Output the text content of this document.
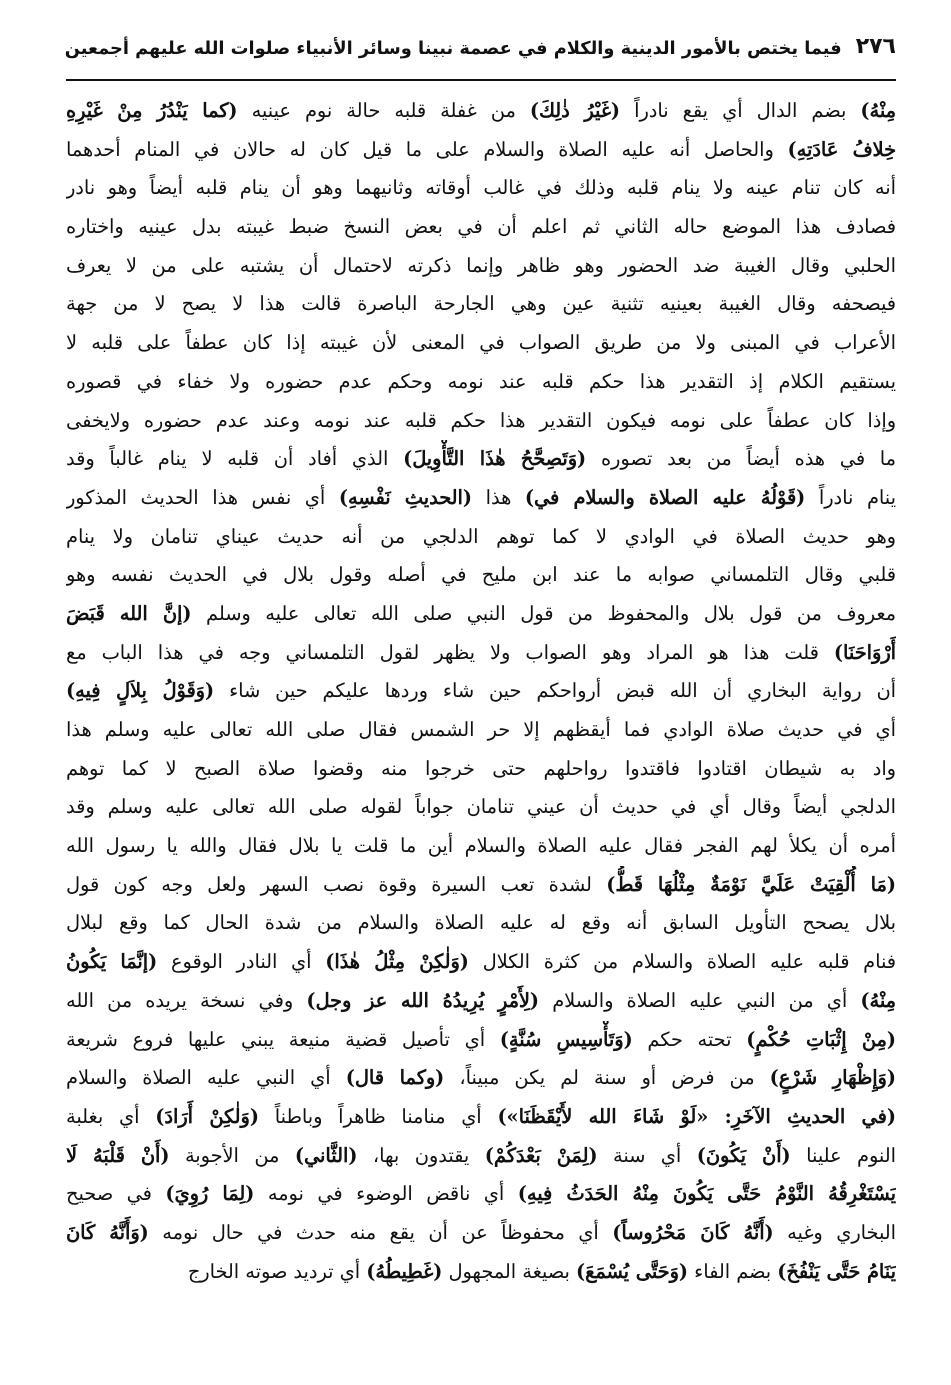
٢٧٦
فيما يختص بالأمور الدينية والكلام في عصمة نبينا وسائر الأنبياء صلوات الله عليهم أجمعين
مِنْهُ) بضم الدال أي يقع نادراً (غَيْرُ ذٰلِكَ) من غفلة قلبه حالة نوم عينيه (كما يَنْدُرُ مِنْ غَيْرِهِ
خِلافُ عَادَتِهِ) والحاصل أنه عليه الصلاة والسلام على ما قيل كان له حالان في المنام أحدهما
أنه كان تنام عينه ولا ينام قلبه وذلك في غالب أوقاته وثانيهما وهو أن ينام قلبه أيضاً وهو نادر
فصادف هذا الموضع حاله الثاني ثم اعلم أن في بعض النسخ ضبط غيبته بدل عينيه واختاره
الحلبي وقال الغيبة ضد الحضور وهو ظاهر وإنما ذكرته لاحتمال أن يشتبه على من لا يعرف
فيصحفه وقال الغيبة بعينيه تثنية عين وهي الجارحة الباصرة قالت هذا لا يصح لا من جهة
الأعراب في المبنى ولا من طريق الصواب في المعنى لأن غيبته إذا كان عطفاً على قلبه لا
يستقيم الكلام إذ التقدير هذا حكم قلبه عند نومه وحكم عدم حضوره ولا خفاء في قصوره
وإذا كان عطفاً على نومه فيكون التقدير هذا حكم قلبه عند نومه وعند عدم حضوره ولايخفى
ما في هذه أيضاً من بعد تصوره (وَتَصِحَّحُ هٰذَا التَّأْوِيلَ) الذي أفاد أن قلبه لا ينام غالباً وقد
ينام نادراً (قَوْلُهُ عليه الصلاة والسلام في) هذا (الحديثِ نَفْسِهِ) أي نفس هذا الحديث المذكور
وهو حديث الصلاة في الوادي لا كما توهم الدلجي من أنه حديث عيناي تنامان ولا ينام
قلبي وقال التلمساني صوابه ما عند ابن مليح في أصله وقول بلال في الحديث نفسه وهو
معروف من قول بلال والمحفوظ من قول النبي صلى الله تعالى عليه وسلم (إنَّ الله قَبَضَ
أَرْوَاحَنَا) قلت هذا هو المراد وهو الصواب ولا يظهر لقول التلمساني وجه في هذا الباب مع
أن رواية البخاري أن الله قبض أرواحكم حين شاء وردها عليكم حين شاء (وَقَوْلُ بِلاَلٍ فِيهِ)
أي في حديث صلاة الوادي فما أيقظهم إلا حر الشمس فقال صلى الله تعالى عليه وسلم هذا
واد به شيطان اقتادوا فاقتدوا رواحلهم حتى خرجوا منه وقضوا صلاة الصبح لا كما توهم
الدلجي أيضاً وقال أي في حديث أن عيني تنامان جواباً لقوله صلى الله تعالى عليه وسلم وقد
أمره أن يكلأ لهم الفجر فقال عليه الصلاة والسلام أين ما قلت يا بلال فقال والله يا رسول الله
(مَا أُلْقِيَتْ عَلَيَّ نَوْمَةٌ مِثْلُهَا قَطُّ) لشدة تعب السيرة وقوة نصب السهر ولعل وجه كون قول
بلال يصحح التأويل السابق أنه وقع له عليه الصلاة والسلام من شدة الحال كما وقع لبلال
فنام قلبه عليه الصلاة والسلام من كثرة الكلال (وَلٰكِنْ مِثْلُ هٰذَا) أي النادر الوقوع (إنَّمَا يَكُونُ
مِنْهُ) أي من النبي عليه الصلاة والسلام (لِأَمْرٍ يُرِيدُهُ الله عز وجل) وفي نسخة يريده من الله
(مِنْ إِثْبَاتِ حُكْمٍ) تحته حكم (وَتَأْسِيسِ سُنَّةٍ) أي تأصيل قضية منيعة يبني عليها فروع شريعة
(وَإِظْهَارِ شَرْعٍ) من فرض أو سنة لم يكن مبيناً، (وكما قال) أي النبي عليه الصلاة والسلام
(في الحديثِ الآخَرِ: «لَوْ شَاءَ الله لأَيْقَظَنَا») أي منامنا ظاهراً وباطناً (وَلٰكِنْ أَرَادَ) أي بغلبة
النوم علينا (أَنْ يَكُونَ) أي سنة (لِمَنْ بَعْدَكُمْ) يقتدون بها، (الثَّاني) من الأجوبة (أَنْ قَلْبَهُ لَا
يَسْتَغْرِقُهُ النَّوْمُ حَتَّى يَكُونَ مِنْهُ الحَدَثُ فِيهِ) أي ناقض الوضوء في نومه (لِمَا رُوِيَ) في صحيح
البخاري وغيه (أَنَّهُ كَانَ مَحْرُوساً) أي محفوظاً عن أن يقع منه حدث في حال نومه (وَأَنَّهُ كَانَ
يَنَامُ حَتَّى يَنْفُخَ) بضم الفاء (وَحَتَّى يُسْمَعَ) بصيغة المجهول (غَطِيطُهُ) أي ترديد صوته الخارج
